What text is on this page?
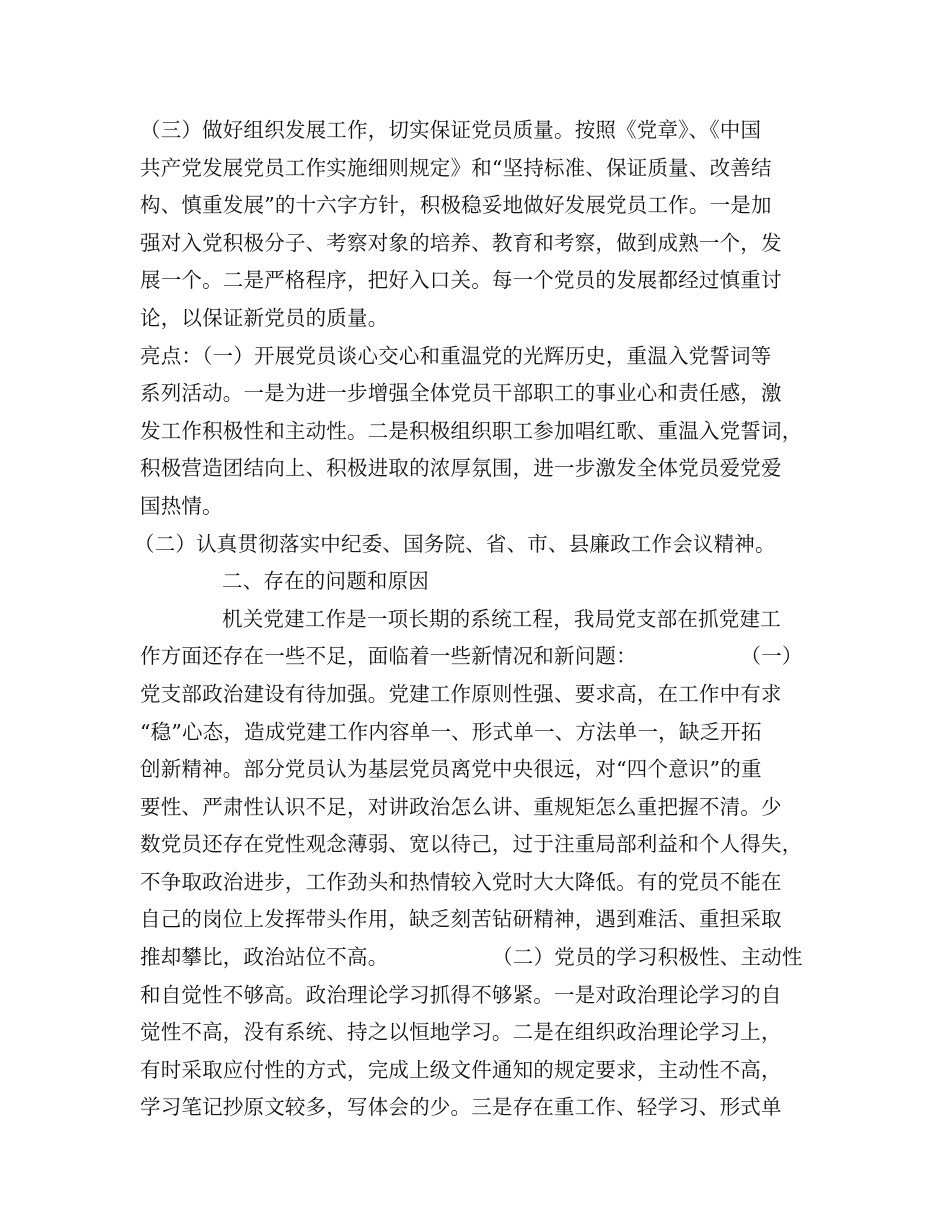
（三）做好组织发展工作，切实保证党员质量。按照《党章》、《中国
共产党发展党员工作实施细则规定》和“坚持标准、保证质量、改善结
构、慎重发展”的十六字方针，积极稳妥地做好发展党员工作。一是加
强对入党积极分子、考察对象的培养、教育和考察，做到成熟一个，发
展一个。二是严格程序，把好入口关。每一个党员的发展都经过慎重讨
论，以保证新党员的质量。
亮点：（一）开展党员谈心交心和重温党的光辉历史，重温入党誓词等
系列活动。一是为进一步增强全体党员干部职工的事业心和责任感，激
发工作积极性和主动性。二是积极组织职工参加唱红歌、重温入党誓词，
积极营造团结向上、积极进取的浓厚氛围，进一步激发全体党员爱党爱
国热情。
（二）认真贯彻落实中纪委、国务院、省、市、县廉政工作会议精神。
二、存在的问题和原因
机关党建工作是一项长期的系统工程，我局党支部在抓党建工
作方面还存在一些不足，面临着一些新情况和新问题：　　　　　　（一）
党支部政治建设有待加强。党建工作原则性强、要求高，在工作中有求
“稳”心态，造成党建工作内容单一、形式单一、方法单一，缺乏开拓
创新精神。部分党员认为基层党员离党中央很远，对“四个意识”的重
要性、严肃性认识不足，对讲政治怎么讲、重规矩怎么重把握不清。少
数党员还存在党性观念薄弱、宽以待己，过于注重局部利益和个人得失，
不争取政治进步，工作劲头和热情较入党时大大降低。有的党员不能在
自己的岗位上发挥带头作用，缺乏刻苦钻研精神，遇到难活、重担采取
推却攀比，政治站位不高。　　　　　　（二）党员的学习积极性、主动性
和自觉性不够高。政治理论学习抓得不够紧。一是对政治理论学习的自
觉性不高，没有系统、持之以恒地学习。二是在组织政治理论学习上，
有时采取应付性的方式，完成上级文件通知的规定要求，主动性不高，
学习笔记抄原文较多，写体会的少。三是存在重工作、轻学习、形式单
